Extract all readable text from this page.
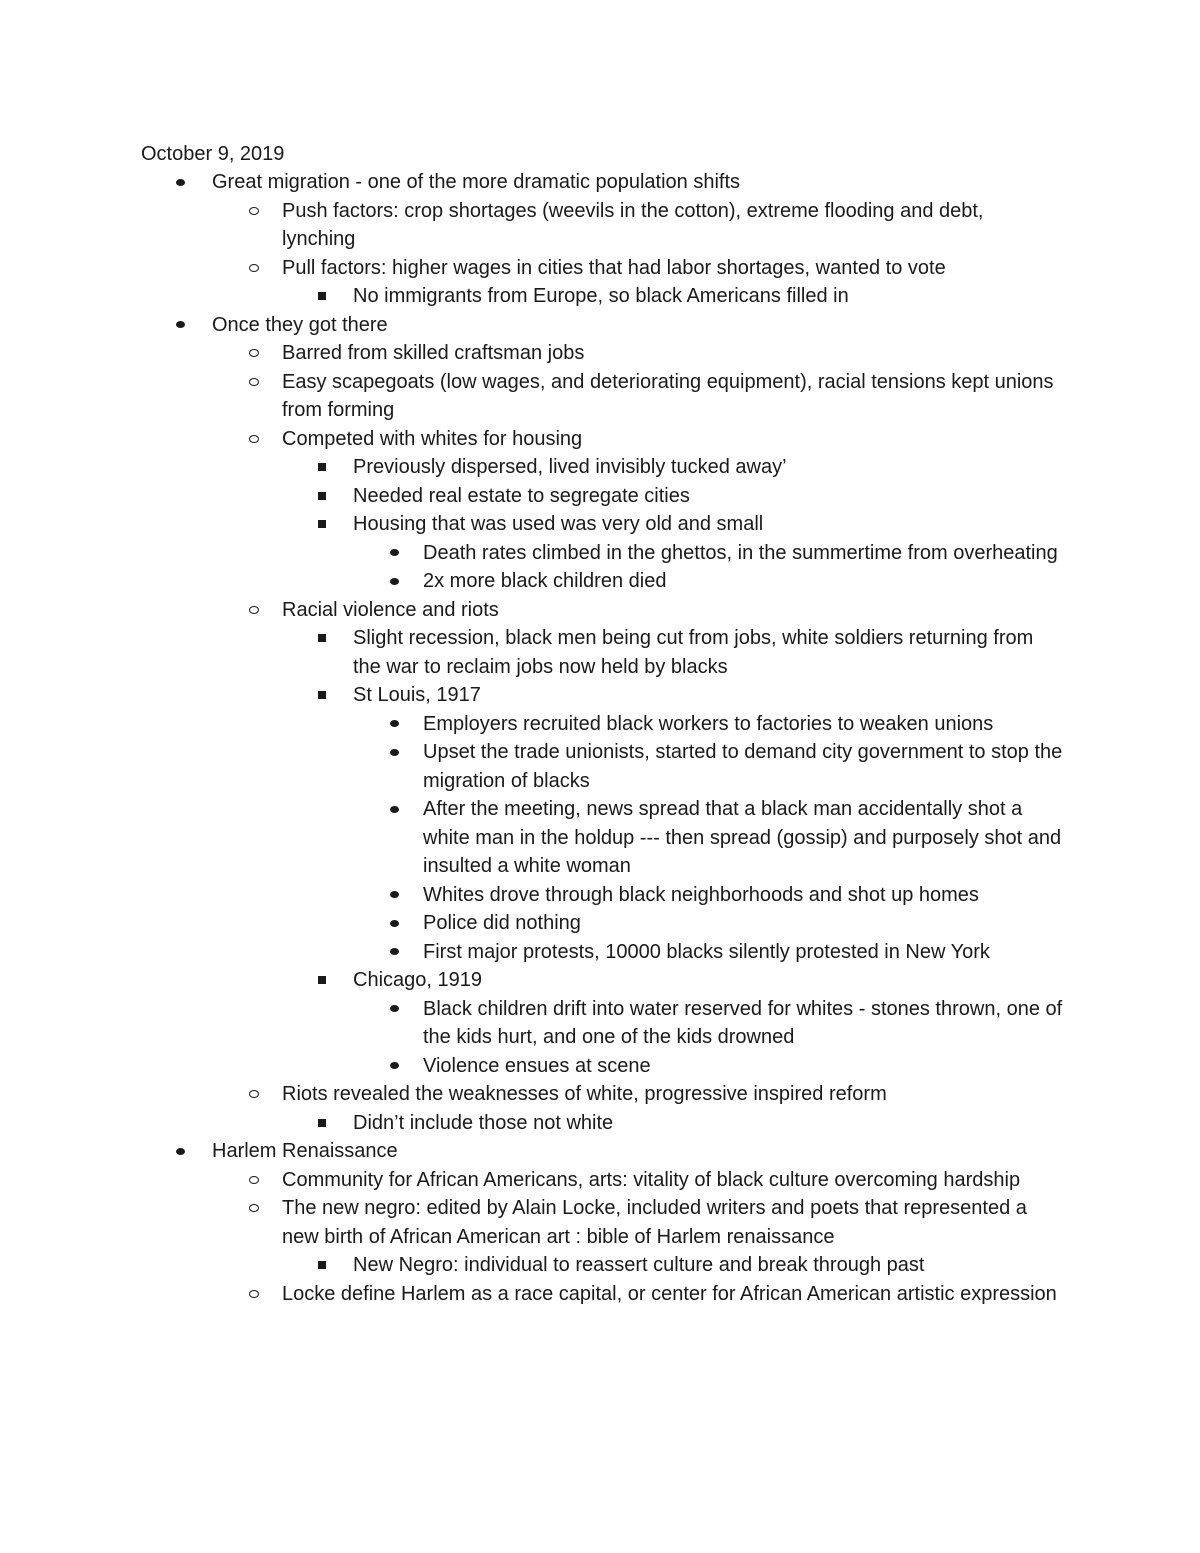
October 9, 2019
Great migration - one of the more dramatic population shifts
Push factors: crop shortages (weevils in the cotton), extreme flooding and debt, lynching
Pull factors: higher wages in cities that had labor shortages, wanted to vote
No immigrants from Europe, so black Americans filled in
Once they got there
Barred from skilled craftsman jobs
Easy scapegoats (low wages, and deteriorating equipment), racial tensions kept unions from forming
Competed with whites for housing
Previously dispersed, lived invisibly tucked away’
Needed real estate to segregate cities
Housing that was used was very old and small
Death rates climbed in the ghettos, in the summertime from overheating
2x more black children died
Racial violence and riots
Slight recession, black men being cut from jobs, white soldiers returning from the war to reclaim jobs now held by blacks
St Louis, 1917
Employers recruited black workers to factories to weaken unions
Upset the trade unionists, started to demand city government to stop the migration of blacks
After the meeting, news spread that a black man accidentally shot a white man in the holdup --- then spread (gossip) and purposely shot and insulted a white woman
Whites drove through black neighborhoods and shot up homes
Police did nothing
First major protests, 10000 blacks silently protested in New York
Chicago, 1919
Black children drift into water reserved for whites - stones thrown, one of the kids hurt, and one of the kids drowned
Violence ensues at scene
Riots revealed the weaknesses of white, progressive inspired reform
Didn’t include those not white
Harlem Renaissance
Community for African Americans, arts: vitality of black culture overcoming hardship
The new negro: edited by Alain Locke, included writers and poets that represented a new birth of African American art : bible of Harlem renaissance
New Negro: individual to reassert culture and break through past
Locke define Harlem as a race capital, or center for African American artistic expression
